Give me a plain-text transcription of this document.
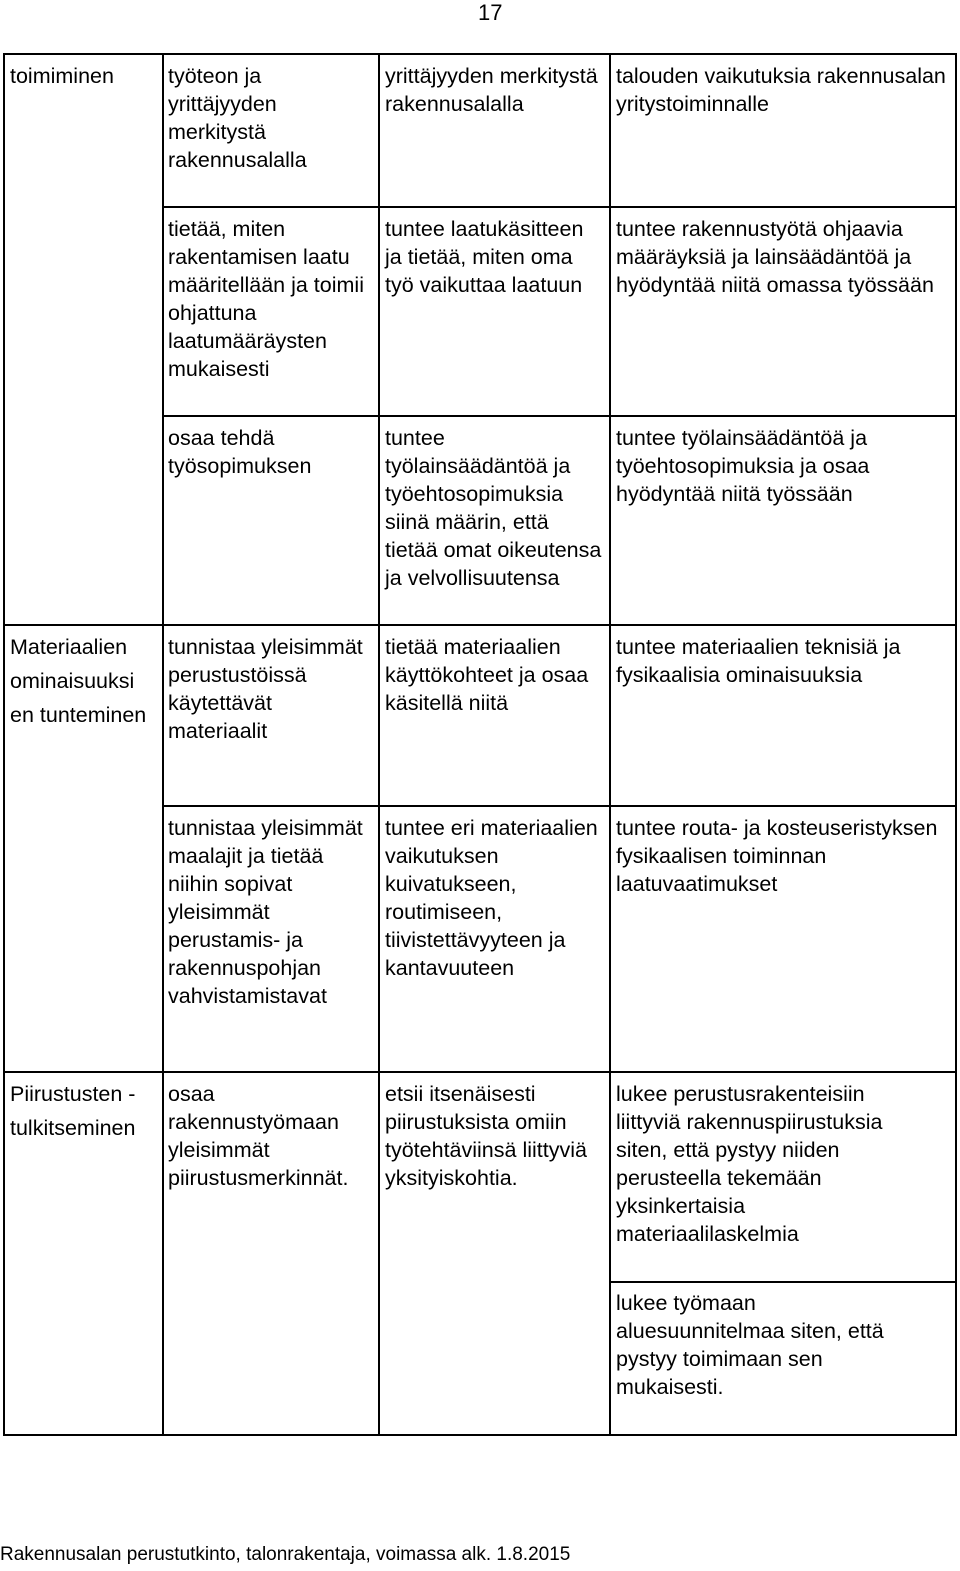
17
toimiminen	työteon ja yrittäjyyden merkitystä rakennusalalla
yrittäjyyden merkitystä rakennusalalla
talouden vaikutuksia rakennusalan yritystoiminnalle
tietää, miten rakentamisen laatu määritellään ja toimii ohjattuna laatumääräysten mukaisesti
tuntee laatukäsitteen ja tietää, miten oma työ vaikuttaa laatuun
tuntee rakennustyötä ohjaavia määräyksiä ja lainsäädäntöä ja hyödyntää niitä omassa työssään
osaa tehdä työsopimuksen
tuntee työlainsäädäntöä ja työehtosopimuksia siinä määrin, että tietää omat oikeutensa ja velvollisuutensa
tuntee työlainsäädäntöä ja työehtosopimuksia ja osaa hyödyntää niitä työssään
Materiaalien ominaisuuksi en tunteminen
tunnistaa yleisimmät perustustöissä käytettävät materiaalit
tietää materiaalien käyttökohteet ja osaa käsitellä niitä
tuntee materiaalien teknisiä ja fysikaalisia ominaisuuksia
tunnistaa yleisimmät maalajit ja tietää niihin sopivat yleisimmät perustamis- ja rakennuspohjan vahvistamistavat
tuntee eri materiaalien vaikutuksen kuivatukseen, routimiseen, tiivistettävyyteen ja kantavuuteen
tuntee routa- ja kosteuseristyksen fysikaalisen toiminnan laatuvaatimukset
Piirustusten -tulkitseminen
osaa rakennustyömaan yleisimmät piirustusmerkinnät.
etsii itsenäisesti piirustuksista omiin työtehtäviinsä liittyviä yksityiskohtia.
lukee perustusrakenteisiin liittyviä rakennuspiirustuksia siten, että pystyy niiden perusteella tekemään yksinkertaisia materiaalilaskelmia
lukee työmaan aluesuunnitelmaa siten, että pystyy toimimaan sen mukaisesti.
Rakennusalan perustutkinto, talonrakentaja, voimassa alk. 1.8.2015
